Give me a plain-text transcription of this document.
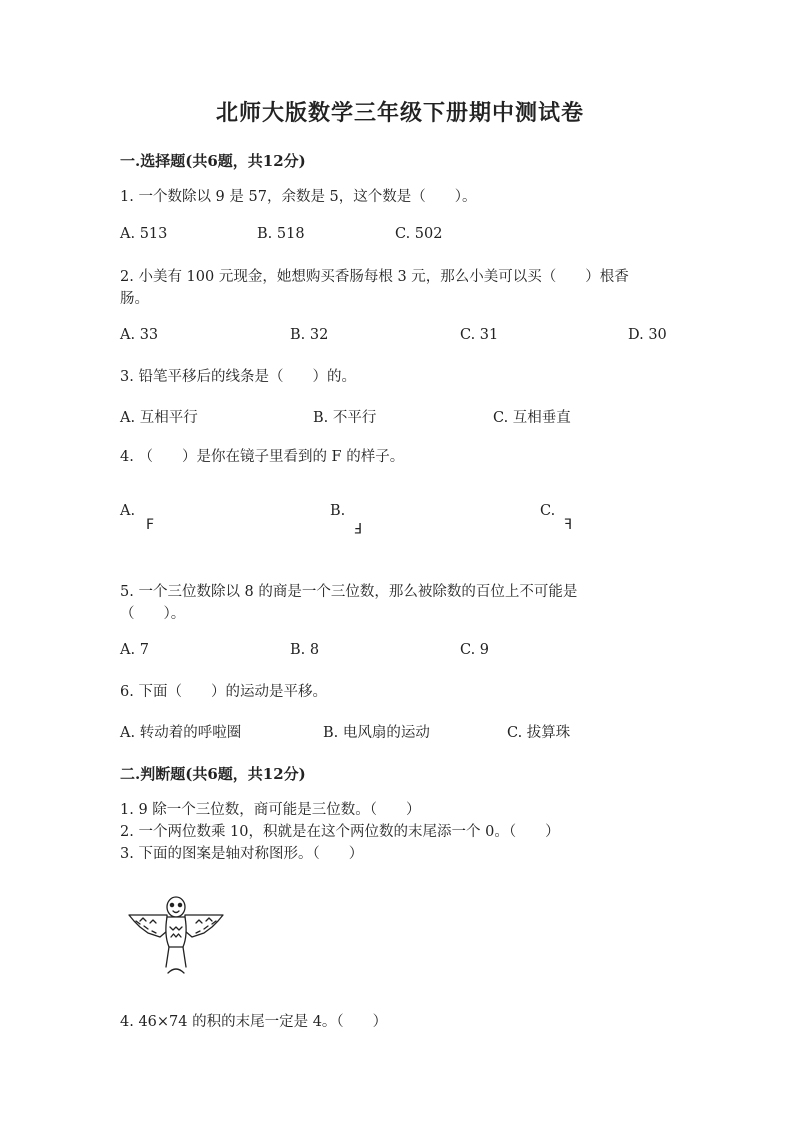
北师大版数学三年级下册期中测试卷
一.选择题(共6题，共12分)
1. 一个数除以 9 是 57，余数是 5，这个数是（　　）。
A. 513	B. 518	C. 502
2. 小美有 100 元现金，她想购买香肠每根 3 元，那么小美可以买（　　）根香
肠。
A. 33	B. 32	C. 31	D. 30
3. 铅笔平移后的线条是（　　）的。
A. 互相平行	B. 不平行	C. 互相垂直
4. （　　）是你在镜子里看到的 F 的样子。
A.
F
B.
F
C.
F
5. 一个三位数除以 8 的商是一个三位数，那么被除数的百位上不可能是
（　　）。
A. 7	B. 8	C. 9
6. 下面（　　）的运动是平移。
A. 转动着的呼啦圈	B. 电风扇的运动	C. 拔算珠
二.判断题(共6题，共12分)
1. 9 除一个三位数，商可能是三位数。（　　）
2. 一个两位数乘 10，积就是在这个两位数的末尾添一个 0。（　　）
3. 下面的图案是轴对称图形。（　　）
4. 46×74 的积的末尾一定是 4。（　　）
